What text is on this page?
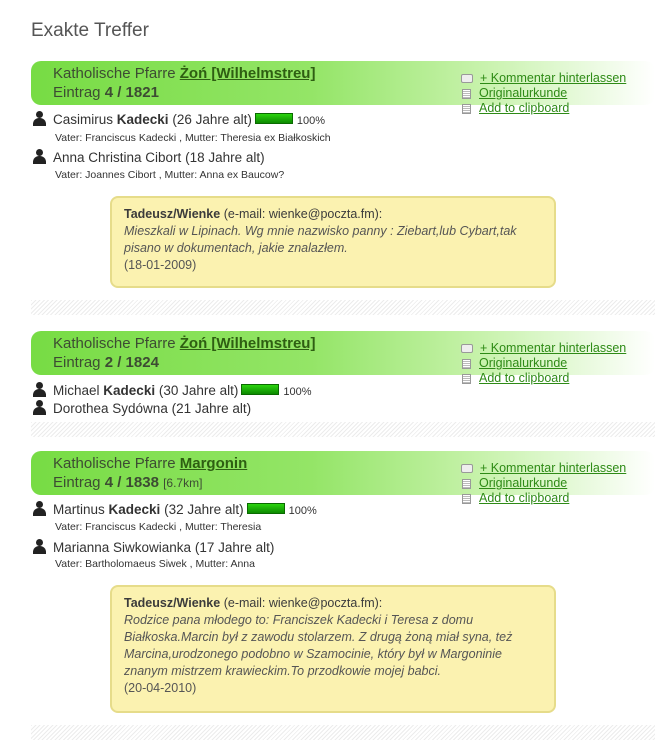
Exakte Treffer
Katholische Pfarre Żoń [Wilhelmstreu]
Eintrag 4 / 1821
+ Kommentar hinterlassen
Originalurkunde
Add to clipboard
Casimirus Kadecki (26 Jahre alt)	100%
Vater: Franciscus Kadecki , Mutter: Theresia ex Białkoskich
Anna Christina Cibort (18 Jahre alt)
Vater: Joannes Cibort , Mutter: Anna ex Baucow?
Tadeusz/Wienke (e-mail: wienke@poczta.fm):
Mieszkali w Lipinach. Wg mnie nazwisko panny : Ziebart,lub Cybart,tak pisano w dokumentach, jakie znalazłem.
(18-01-2009)
Katholische Pfarre Żoń [Wilhelmstreu]
Eintrag 2 / 1824
+ Kommentar hinterlassen
Originalurkunde
Add to clipboard
Michael Kadecki (30 Jahre alt)	100%
Dorothea Sydówna (21 Jahre alt)
Katholische Pfarre Margonin
Eintrag 4 / 1838 [6.7km]
+ Kommentar hinterlassen
Originalurkunde
Add to clipboard
Martinus Kadecki (32 Jahre alt)	100%
Vater: Franciscus Kadecki , Mutter: Theresia
Marianna Siwkowianka (17 Jahre alt)
Vater: Bartholomaeus Siwek , Mutter: Anna
Tadeusz/Wienke (e-mail: wienke@poczta.fm):
Rodzice pana młodego to: Franciszek Kadecki i Teresa z domu Białkoska.Marcin był z zawodu stolarzem. Z drugą żoną miał syna, też Marcina,urodzonego podobno w Szamocinie, który był w Margoninie znanym mistrzem krawieckim.To przodkowie mojej babci.
(20-04-2010)
